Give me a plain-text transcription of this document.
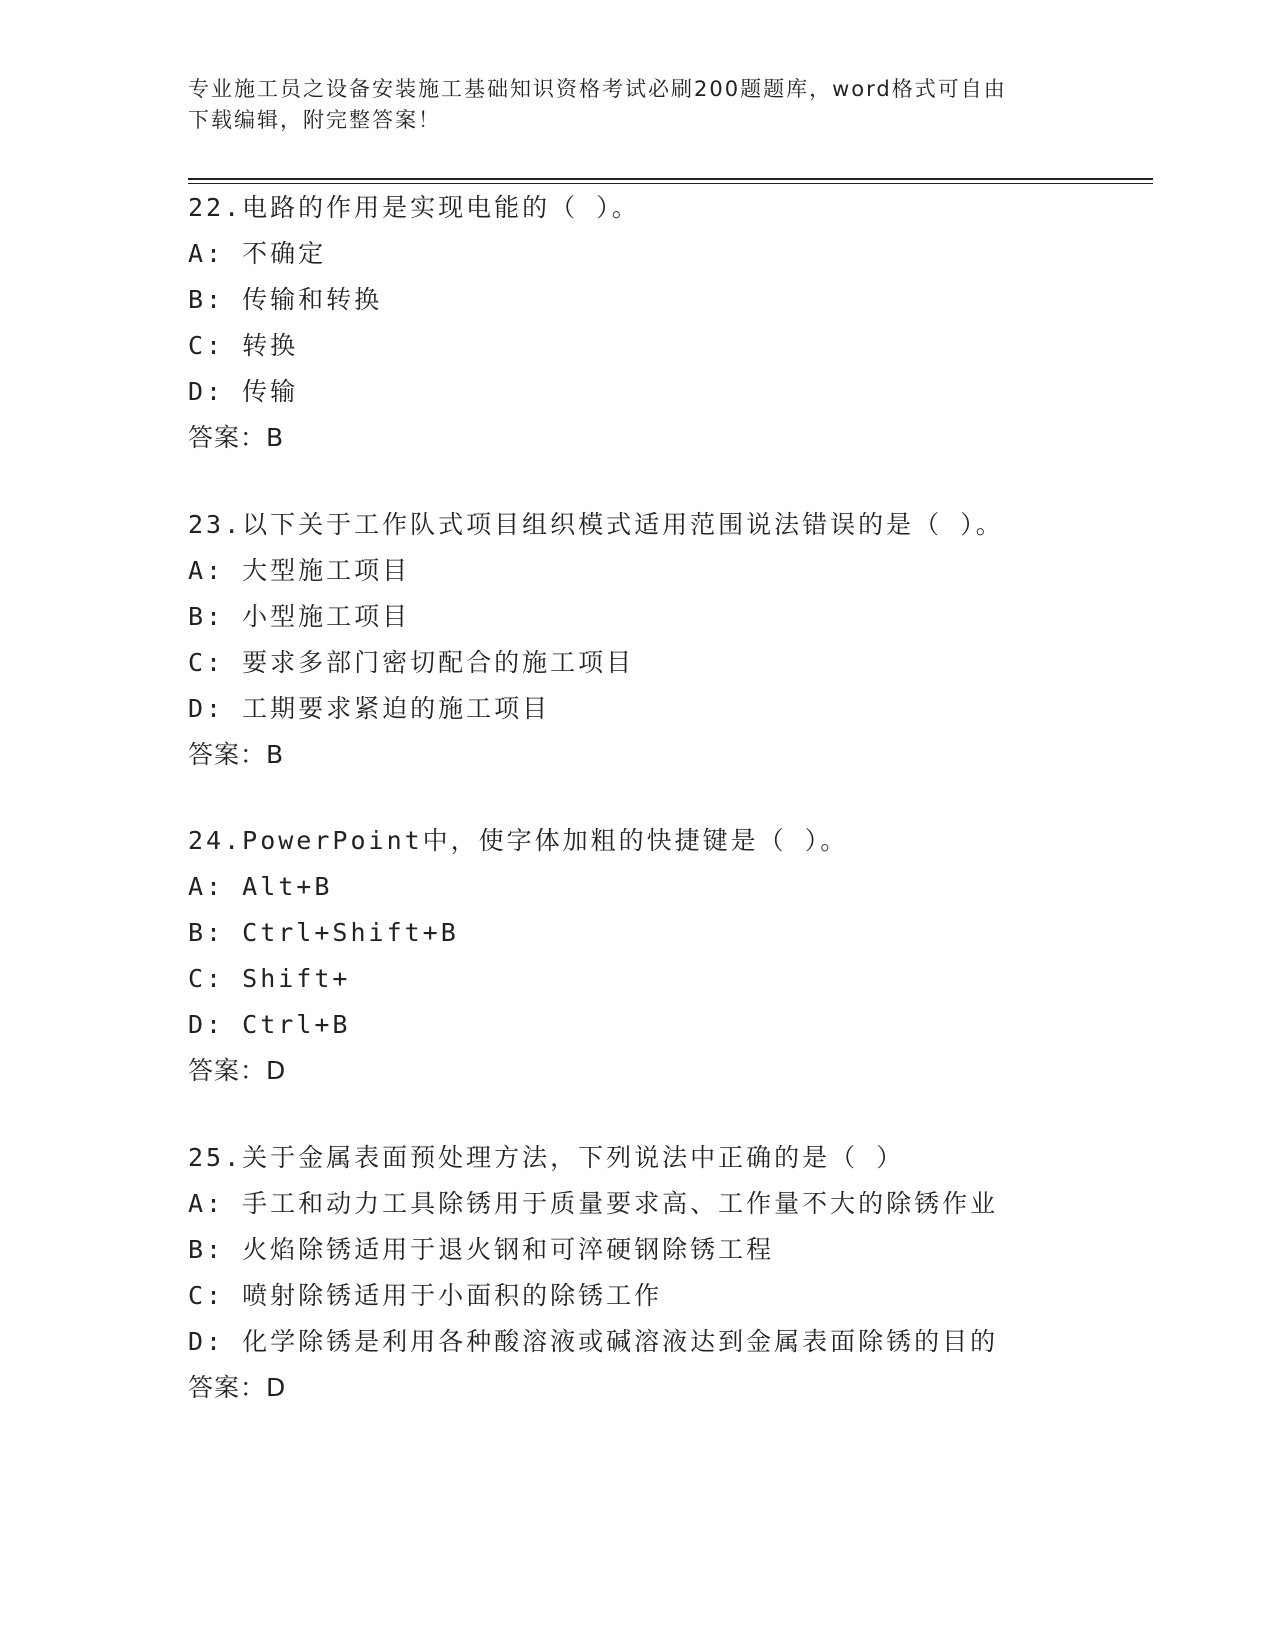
专业施工员之设备安装施工基础知识资格考试必刷200题题库，word格式可自由
下载编辑，附完整答案！
22.电路的作用是实现电能的（ ）。
A: 不确定
B: 传输和转换
C: 转换
D: 传输
答案：B
23.以下关于工作队式项目组织模式适用范围说法错误的是（ ）。
A: 大型施工项目
B: 小型施工项目
C: 要求多部门密切配合的施工项目
D: 工期要求紧迫的施工项目
答案：B
24.PowerPoint中，使字体加粗的快捷键是（ ）。
A: Alt+B
B: Ctrl+Shift+B
C: Shift+
D: Ctrl+B
答案：D
25.关于金属表面预处理方法，下列说法中正确的是（ ）
A: 手工和动力工具除锈用于质量要求高、工作量不大的除锈作业
B: 火焰除锈适用于退火钢和可淬硬钢除锈工程
C: 喷射除锈适用于小面积的除锈工作
D: 化学除锈是利用各种酸溶液或碱溶液达到金属表面除锈的目的
答案：D
